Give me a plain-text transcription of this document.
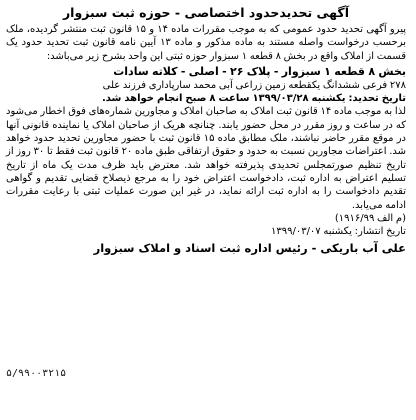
آگهی تحدیدحدود اختصاصی - حوزه ثبت سبزوار

پیرو آگهی تحدید حدود عمومی که به موجب مقررات ماده ۱۴ و ۱۵ قانون ثبت منتشر گردیده، ملک برحسب درخواست واصله مستند به ماده مذکور و ماده ۱۳ آیین نامه قانون ثبت تحدید حدود یک قسمت از املاک واقع در بخش ۸ قطعه ۱ سبزوار حوزه ثبتی این واحد بشرح زیر می‌باشد:

بخش ۸ قطعه ۱ سبزوار - پلاک ۲۶ - اصلی - کلاته سادات

۲۷۸ فرعی ششدانگ یکقطعه زمین زراعی آبی محمد سارپاداری فرزند علی

تاریخ تحدید: یکشنبه ۱۳۹۹/۰۳/۲۸ ساعت ۸ صبح انجام خواهد شد.

لذا به موجب ماده ۱۴ قانون ثبت املاک به صاحبان املاک و مجاورین شماره‌های فوق اخطار می‌شود که در ساعت و روز مقرر در محل حضور یابند. چنانچه هریک از صاحبان املاک یا نماینده قانونی آنها در موقع مقرر حاضر نباشند، ملک مطابق ماده ۱۵ قانون ثبت با حضور مجاورین تحدید حدود خواهد شد. اعتراضات مجاورین نسبت به حدود و حقوق ارتفاقی طبق ماده ۲۰ قانون ثبت فقط تا ۳۰ روز از تاریخ تنظیم صورتمجلس تحدیدی پذیرفته خواهد شد. معترض باید ظرف مدت یک ماه از تاریخ تسلیم اعتراض به اداره ثبت، دادخواست اعتراض خود را به مرجع ذیصلاح قضایی تقدیم و گواهی تقدیم دادخواست را به اداره ثبت ارائه نماید، در غیر این صورت عملیات ثبتی با رعایت مقررات ادامه می‌یابد.

(م الف ۱۹۱۶/۹۹)

تاریخ انتشار: یکشنبه ۱۳۹۹/۰۳/۰۷

علی آب باریکی - رئیس اداره ثبت اسناد و املاک سبزوار
۵/۹۹۰۰۳۲۱۵
